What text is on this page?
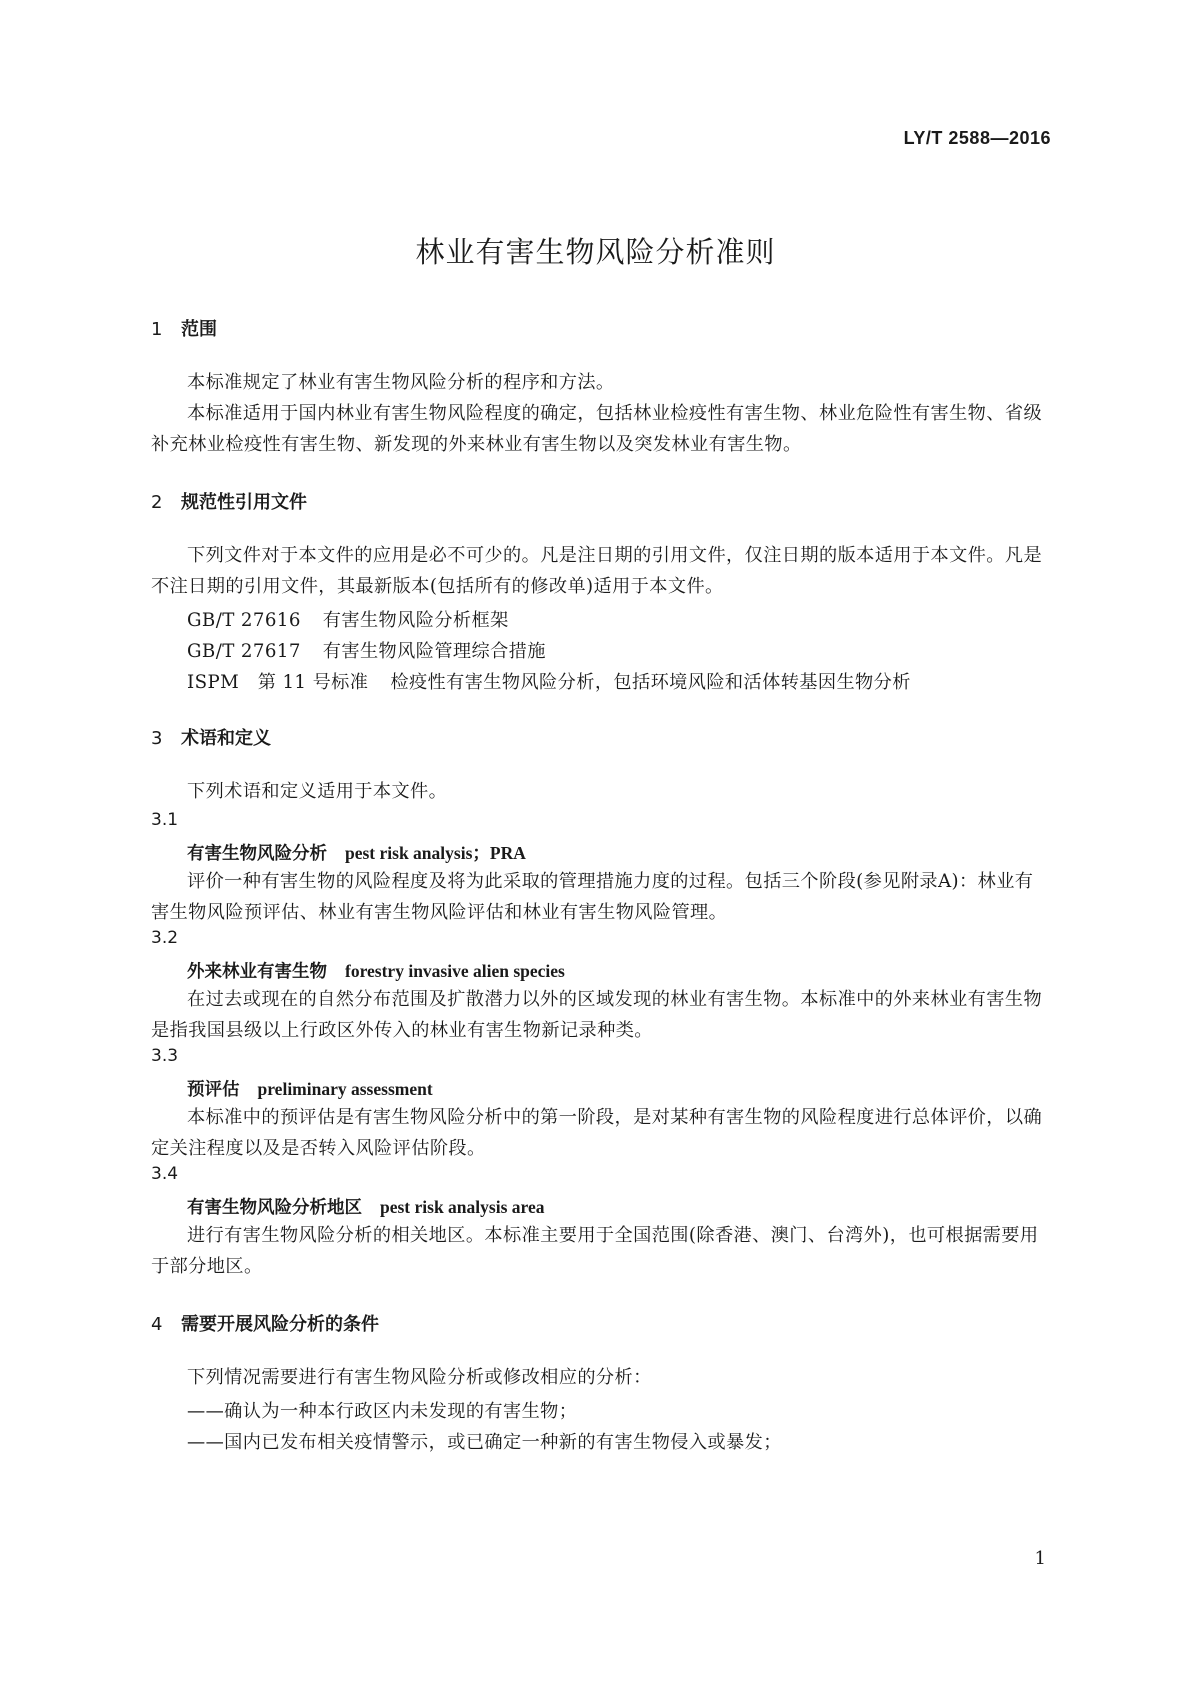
LY/T 2588—2016
林业有害生物风险分析准则
1 范围

本标准规定了林业有害生物风险分析的程序和方法。

本标准适用于国内林业有害生物风险程度的确定，包括林业检疫性有害生物、林业危险性有害生物、省级补充林业检疫性有害生物、新发现的外来林业有害生物以及突发林业有害生物。

2 规范性引用文件

下列文件对于本文件的应用是必不可少的。凡是注日期的引用文件，仅注日期的版本适用于本文件。凡是不注日期的引用文件，其最新版本(包括所有的修改单)适用于本文件。

GB/T 27616 有害生物风险分析框架
GB/T 27617 有害生物风险管理综合措施
ISPM　第 11 号标准 检疫性有害生物风险分析，包括环境风险和活体转基因生物分析
3 术语和定义

下列术语和定义适用于本文件。

3.1
有害生物风险分析 pest risk analysis；PRA

评价一种有害生物的风险程度及将为此采取的管理措施力度的过程。包括三个阶段(参见附录A)：林业有害生物风险预评估、林业有害生物风险评估和林业有害生物风险管理。

3.2
外来林业有害生物 forestry invasive alien species

在过去或现在的自然分布范围及扩散潜力以外的区域发现的林业有害生物。本标准中的外来林业有害生物是指我国县级以上行政区外传入的林业有害生物新记录种类。

3.3
预评估 preliminary assessment

本标准中的预评估是有害生物风险分析中的第一阶段，是对某种有害生物的风险程度进行总体评价，以确定关注程度以及是否转入风险评估阶段。

3.4
有害生物风险分析地区 pest risk analysis area

进行有害生物风险分析的相关地区。本标准主要用于全国范围(除香港、澳门、台湾外)，也可根据需要用于部分地区。

4 需要开展风险分析的条件

下列情况需要进行有害生物风险分析或修改相应的分析：

——确认为一种本行政区内未发现的有害生物；
——国内已发布相关疫情警示，或已确定一种新的有害生物侵入或暴发；
1
